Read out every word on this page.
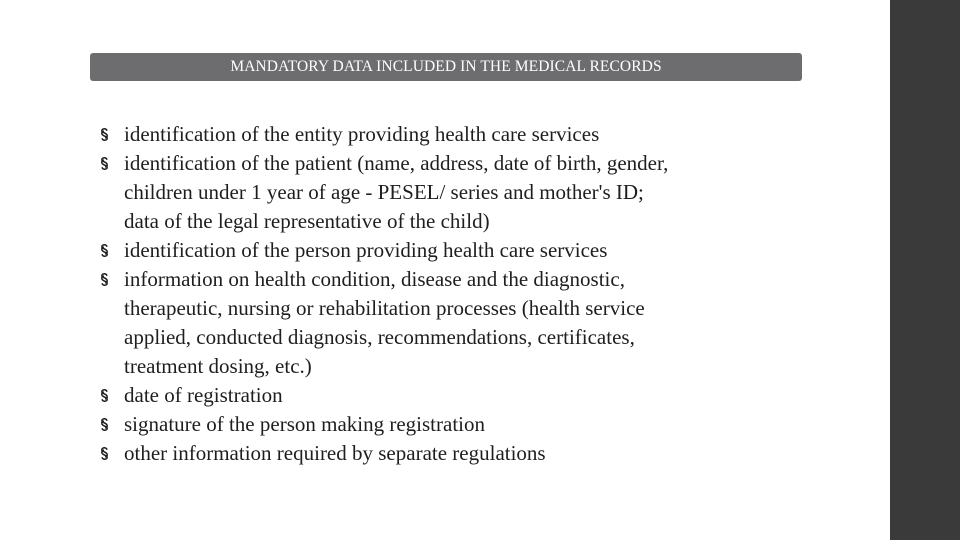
MANDATORY DATA INCLUDED IN THE MEDICAL RECORDS
identification of the entity providing health care services
identification of the patient (name, address, date of birth, gender,
children under 1 year of age - PESEL/ series and mother's ID;
data of the legal representative of the child)
identification of the person providing health care services
information on health condition, disease and the diagnostic,
therapeutic, nursing or rehabilitation processes (health service
applied, conducted diagnosis, recommendations, certificates,
treatment dosing, etc.)
date of registration
signature of the person making registration
other information required by separate regulations
